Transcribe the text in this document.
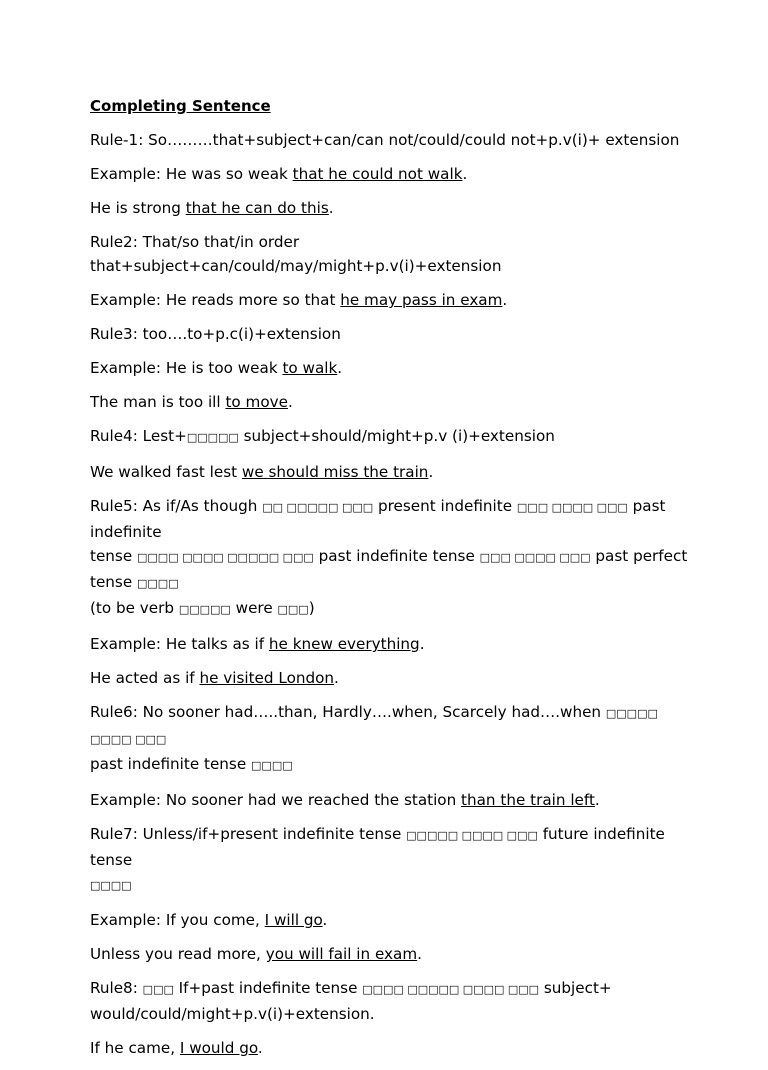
Completing Sentence

Rule-1: So………that+subject+can/can not/could/could not+p.v(i)+ extension

Example: He was so weak that he could not walk.

He is strong that he can do this.

Rule2: That/so that/in order that+subject+can/could/may/might+p.v(i)+extension

Example: He reads more so that he may pass in exam.

Rule3: too….to+p.c(i)+extension

Example: He is too weak to walk.

The man is too ill to move.

Rule4: Lest+□□□□□ subject+should/might+p.v (i)+extension

We walked fast lest we should miss the train.

Rule5: As if/As though □□ □□□□□ □□□ present indefinite □□□ □□□□ □□□ past indefinite
tense □□□□ □□□□ □□□□□ □□□ past indefinite tense □□□ □□□□ □□□ past perfect tense □□□□
(to be verb □□□□□ were □□□)

Example: He talks as if he knew everything.

He acted as if he visited London.

Rule6: No sooner had…..than, Hardly….when, Scarcely had….when □□□□□ □□□□ □□□
past indefinite tense □□□□

Example: No sooner had we reached the station than the train left.

Rule7: Unless/if+present indefinite tense □□□□□ □□□□ □□□ future indefinite tense
□□□□

Example: If you come, I will go.

Unless you read more, you will fail in exam.

Rule8: □□□ If+past indefinite tense □□□□ □□□□□ □□□□ □□□ subject+
would/could/might+p.v(i)+extension.

If he came, I would go.
